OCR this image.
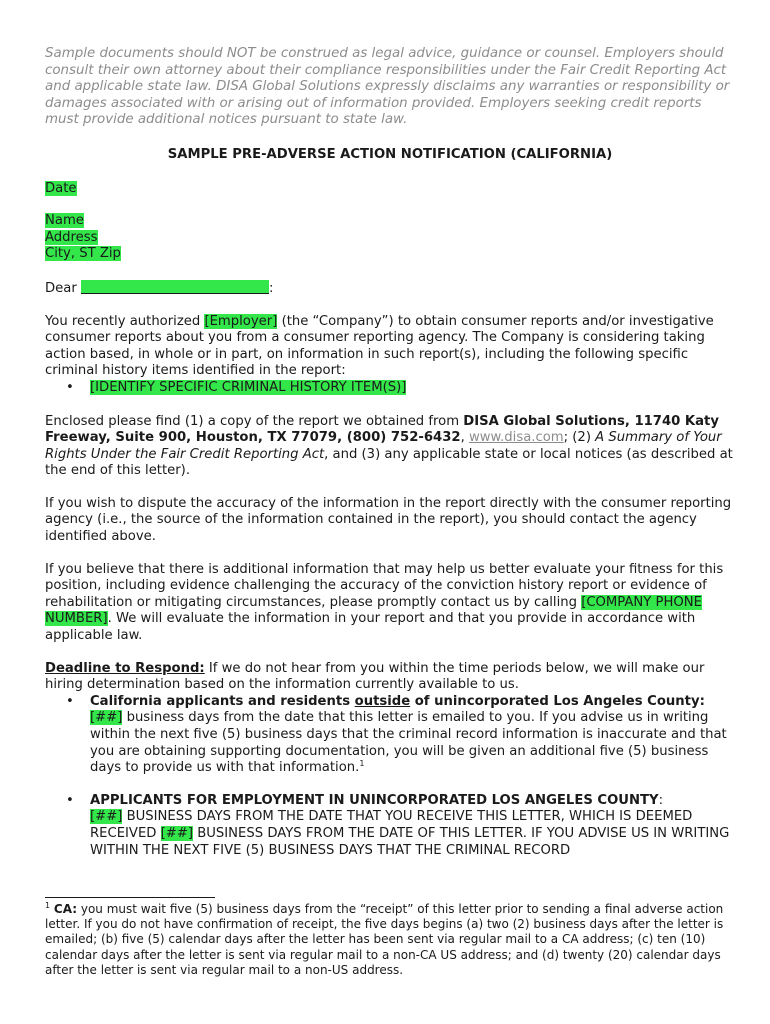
Sample documents should NOT be construed as legal advice, guidance or counsel. Employers should consult their own attorney about their compliance responsibilities under the Fair Credit Reporting Act and applicable state law. DISA Global Solutions expressly disclaims any warranties or responsibility or damages associated with or arising out of information provided. Employers seeking credit reports must provide additional notices pursuant to state law.

SAMPLE PRE-ADVERSE ACTION NOTIFICATION (CALIFORNIA)

Date

Name
Address
City, ST Zip

Dear	:

You recently authorized [Employer] (the “Company”) to obtain consumer reports and/or investigative consumer reports about you from a consumer reporting agency. The Company is considering taking action based, in whole or in part, on information in such report(s), including the following specific criminal history items identified in the report:

• [IDENTIFY SPECIFIC CRIMINAL HISTORY ITEM(S)]

Enclosed please find (1) a copy of the report we obtained from DISA Global Solutions, 11740 Katy Freeway, Suite 900, Houston, TX 77079, (800) 752-6432, www.disa.com; (2) A Summary of Your Rights Under the Fair Credit Reporting Act, and (3) any applicable state or local notices (as described at the end of this letter).

If you wish to dispute the accuracy of the information in the report directly with the consumer reporting agency (i.e., the source of the information contained in the report), you should contact the agency identified above.

If you believe that there is additional information that may help us better evaluate your fitness for this position, including evidence challenging the accuracy of the conviction history report or evidence of rehabilitation or mitigating circumstances, please promptly contact us by calling [COMPANY PHONE NUMBER]. We will evaluate the information in your report and that you provide in accordance with applicable law.

Deadline to Respond: If we do not hear from you within the time periods below, we will make our hiring determination based on the information currently available to us.

• California applicants and residents outside of unincorporated Los Angeles County: [##] business days from the date that this letter is emailed to you. If you advise us in writing within the next five (5) business days that the criminal record information is inaccurate and that you are obtaining supporting documentation, you will be given an additional five (5) business days to provide us with that information.$^1$
• APPLICANTS FOR EMPLOYMENT IN UNINCORPORATED LOS ANGELES COUNTY:
[##] BUSINESS DAYS FROM THE DATE THAT YOU RECEIVE THIS LETTER, WHICH IS DEEMED RECEIVED [##] BUSINESS DAYS FROM THE DATE OF THIS LETTER. IF YOU ADVISE US IN WRITING WITHIN THE NEXT FIVE (5) BUSINESS DAYS THAT THE CRIMINAL RECORD

$^1$ CA: you must wait five (5) business days from the “receipt” of this letter prior to sending a final adverse action letter. If you do not have confirmation of receipt, the five days begins (a) two (2) business days after the letter is emailed; (b) five (5) calendar days after the letter has been sent via regular mail to a CA address; (c) ten (10) calendar days after the letter is sent via regular mail to a non-CA US address; and (d) twenty (20) calendar days after the letter is sent via regular mail to a non-US address.
